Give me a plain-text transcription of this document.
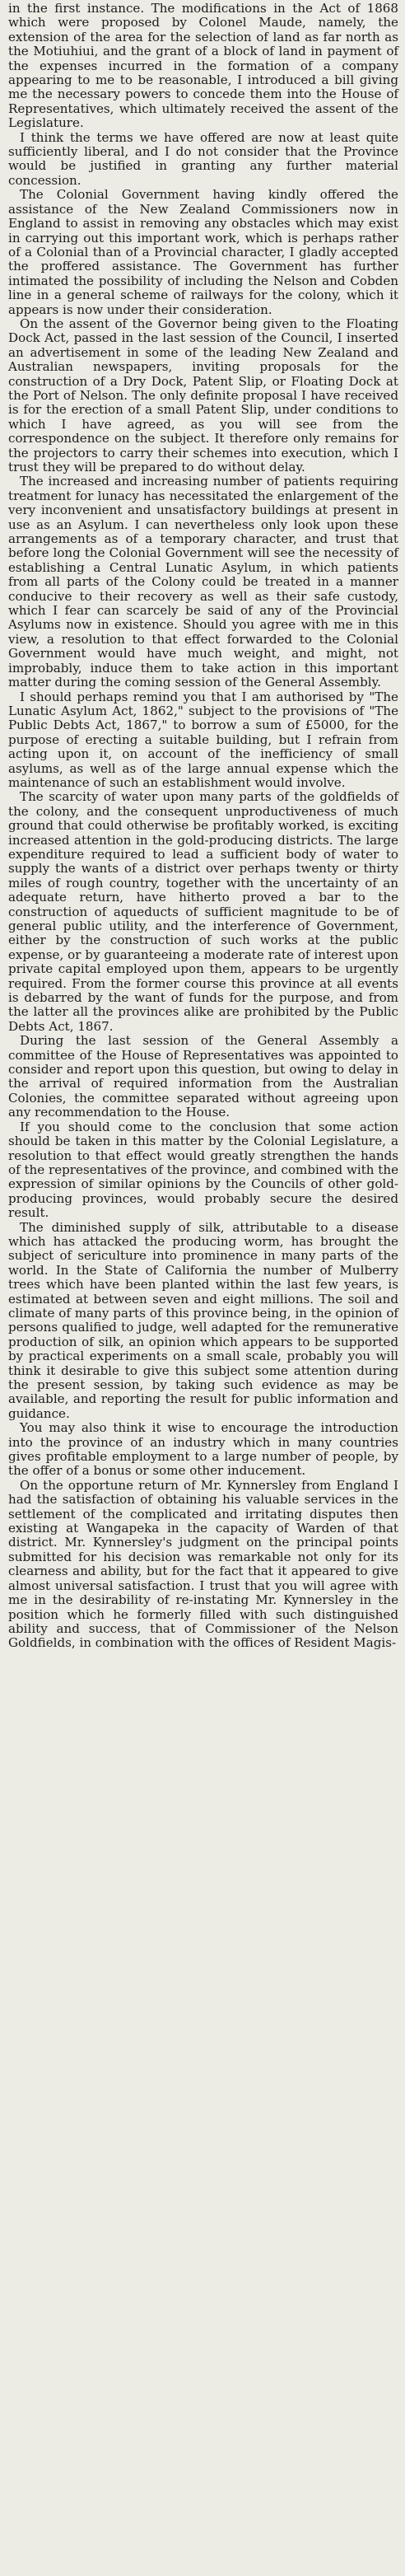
in the first instance. The modifications in the Act of 1868 which were proposed by Colonel Maude, namely, the extension of the area for the selection of land as far north as the Motiuhiui, and the grant of a block of land in payment of the expenses incurred in the formation of a company appearing to me to be reasonable, I introduced a bill giving me the necessary powers to concede them into the House of Representatives, which ultimately received the assent of the Legislature.

I think the terms we have offered are now at least quite sufficiently liberal, and I do not consider that the Province would be justified in granting any further material concession.

The Colonial Government having kindly offered the assistance of the New Zealand Commissioners now in England to assist in removing any obstacles which may exist in carrying out this important work, which is perhaps rather of a Colonial than of a Provincial character, I gladly accepted the proffered assistance. The Government has further intimated the possibility of including the Nelson and Cobden line in a general scheme of railways for the colony, which it appears is now under their consideration.

On the assent of the Governor being given to the Floating Dock Act, passed in the last session of the Council, I inserted an advertisement in some of the leading New Zealand and Australian newspapers, inviting proposals for the construction of a Dry Dock, Patent Slip, or Floating Dock at the Port of Nelson. The only definite proposal I have received is for the erection of a small Patent Slip, under conditions to which I have agreed, as you will see from the correspondence on the subject. It therefore only remains for the projectors to carry their schemes into execution, which I trust they will be prepared to do without delay.

The increased and increasing number of patients requiring treatment for lunacy has necessitated the enlargement of the very inconvenient and unsatisfactory buildings at present in use as an Asylum. I can nevertheless only look upon these arrangements as of a temporary character, and trust that before long the Colonial Government will see the necessity of establishing a Central Lunatic Asylum, in which patients from all parts of the Colony could be treated in a manner conducive to their recovery as well as their safe custody, which I fear can scarcely be said of any of the Provincial Asylums now in existence. Should you agree with me in this view, a resolution to that effect forwarded to the Colonial Government would have much weight, and might, not improbably, induce them to take action in this important matter during the coming session of the General Assembly.

I should perhaps remind you that I am authorised by "The Lunatic Asylum Act, 1862," subject to the provisions of "The Public Debts Act, 1867," to borrow a sum of £5000, for the purpose of erecting a suitable building, but I refrain from acting upon it, on account of the inefficiency of small asylums, as well as of the large annual expense which the maintenance of such an establishment would involve.

The scarcity of water upon many parts of the goldfields of the colony, and the consequent unproductiveness of much ground that could otherwise be profitably worked, is exciting increased attention in the gold-producing districts. The large expenditure required to lead a sufficient body of water to supply the wants of a district over perhaps twenty or thirty miles of rough country, together with the uncertainty of an adequate return, have hitherto proved a bar to the construction of aqueducts of sufficient magnitude to be of general public utility, and the interference of Government, either by the construction of such works at the public expense, or by guaranteeing a moderate rate of interest upon private capital employed upon them, appears to be urgently required. From the former course this province at all events is debarred by the want of funds for the purpose, and from the latter all the provinces alike are prohibited by the Public Debts Act, 1867.

During the last session of the General Assembly a committee of the House of Representatives was appointed to consider and report upon this question, but owing to delay in the arrival of required information from the Australian Colonies, the committee separated without agreeing upon any recommendation to the House.

If you should come to the conclusion that some action should be taken in this matter by the Colonial Legislature, a resolution to that effect would greatly strengthen the hands of the representatives of the province, and combined with the expression of similar opinions by the Councils of other gold-producing provinces, would probably secure the desired result.

The diminished supply of silk, attributable to a disease which has attacked the producing worm, has brought the subject of sericulture into prominence in many parts of the world. In the State of California the number of Mulberry trees which have been planted within the last few years, is estimated at between seven and eight millions. The soil and climate of many parts of this province being, in the opinion of persons qualified to judge, well adapted for the remunerative production of silk, an opinion which appears to be supported by practical experiments on a small scale, probably you will think it desirable to give this subject some attention during the present session, by taking such evidence as may be available, and reporting the result for public information and guidance.

You may also think it wise to encourage the introduction into the province of an industry which in many countries gives profitable employment to a large number of people, by the offer of a bonus or some other inducement.

On the opportune return of Mr. Kynnersley from England I had the satisfaction of obtaining his valuable services in the settlement of the complicated and irritating disputes then existing at Wangapeka in the capacity of Warden of that district. Mr. Kynnersley's judgment on the principal points submitted for his decision was remarkable not only for its clearness and ability, but for the fact that it appeared to give almost universal satisfaction. I trust that you will agree with me in the desirability of re-instating Mr. Kynnersley in the position which he formerly filled with such distinguished ability and success, that of Commissioner of the Nelson Goldfields, in combination with the offices of Resident Magis-
